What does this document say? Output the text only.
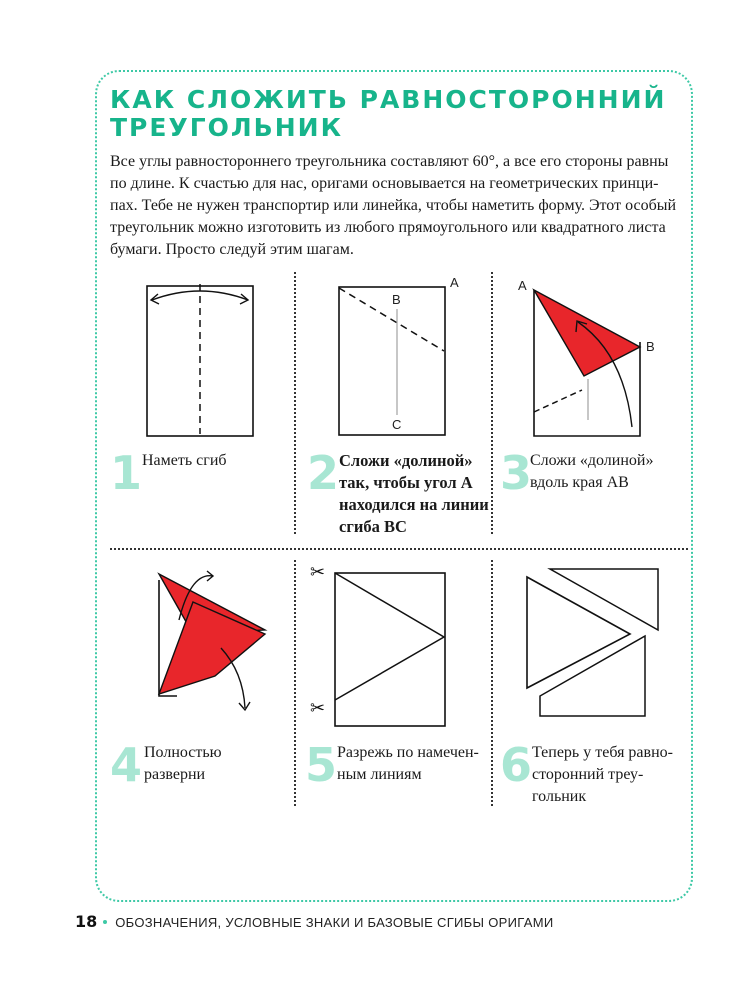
КАК СЛОЖИТЬ РАВНОСТОРОННИЙ
ТРЕУГОЛЬНИК

Все углы равностороннего треугольника составляют 60°, а все его стороны равны
по длине. К счастью для нас, оригами основывается на геометрических принци-
пах. Тебе не нужен транспортир или линейка, чтобы наметить форму. Этот особый
треугольник можно изготовить из любого прямоугольного или квадратного листа
бумаги. Просто следуй этим шагам.

A
B
C
A
B
1 Наметь сгиб 2 Сложи «долиной»
так, чтобы угол A
находился на линии
сгиба BC
3
Сложи «долиной»
вдоль края AB
✂
✂
4 Полностью
разверни	5 Разрежь по намечен-
ным линиям	6 Теперь у тебя равно-
сторонний треу-
гольник
18 ОБОЗНАЧЕНИЯ, УСЛОВНЫЕ ЗНАКИ И БАЗОВЫЕ СГИБЫ ОРИГАМИ
